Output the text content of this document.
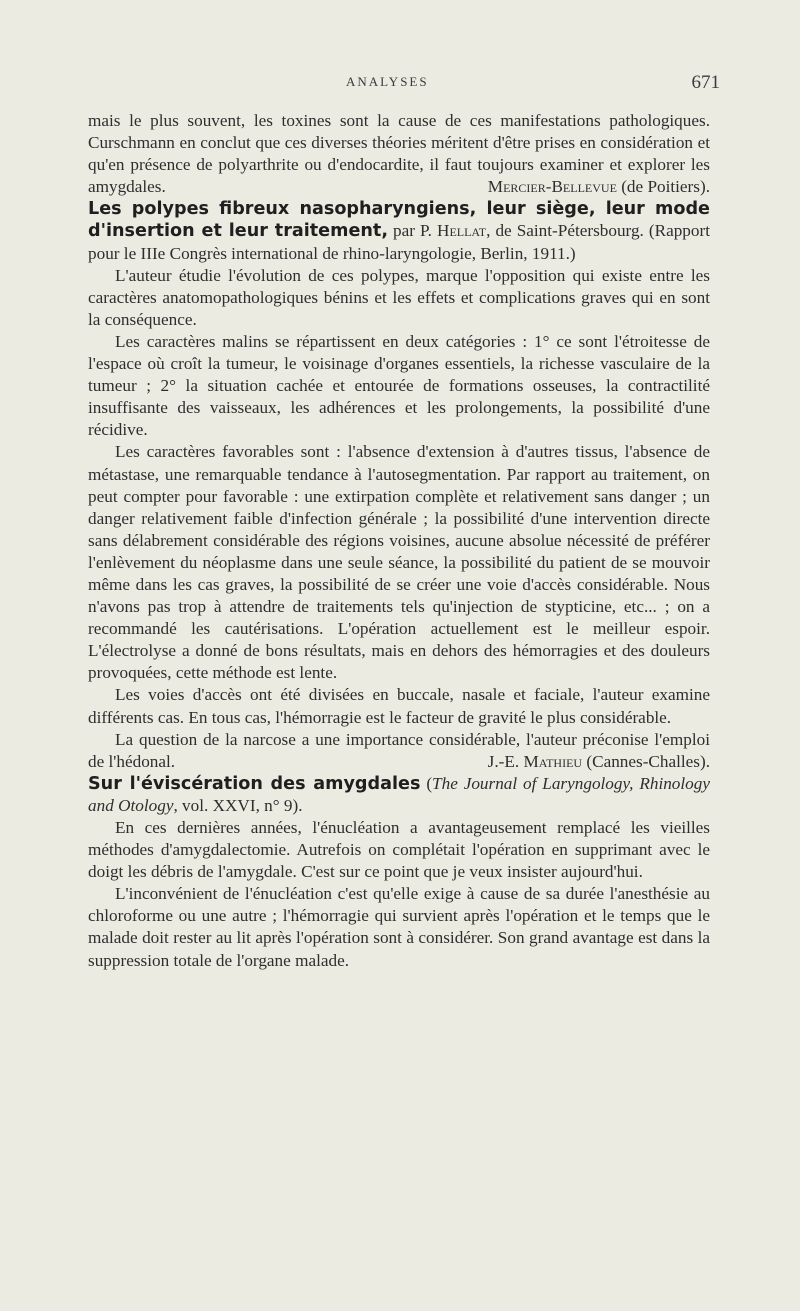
ANALYSES	671

mais le plus souvent, les toxines sont la cause de ces manifestations pathologiques. Curschmann en conclut que ces diverses théories méritent d'être prises en considération et qu'en présence de polyarthrite ou d'endocardite, il faut toujours examiner et explorer les amygdales.	Mercier-Bellevue (de Poitiers).

Les polypes fibreux nasopharyngiens, leur siège, leur mode d'insertion et leur traitement, par P. Hellat, de Saint-Pétersbourg. (Rapport pour le IIIe Congrès international de rhino-laryngologie, Berlin, 1911.)

L'auteur étudie l'évolution de ces polypes, marque l'opposition qui existe entre les caractères anatomopathologiques bénins et les effets et complications graves qui en sont la conséquence.

Les caractères malins se répartissent en deux catégories : 1° ce sont l'étroitesse de l'espace où croît la tumeur, le voisinage d'organes essentiels, la richesse vasculaire de la tumeur ; 2° la situation cachée et entourée de formations osseuses, la contractilité insuffisante des vaisseaux, les adhérences et les prolongements, la possibilité d'une récidive.

Les caractères favorables sont : l'absence d'extension à d'autres tissus, l'absence de métastase, une remarquable tendance à l'autosegmentation. Par rapport au traitement, on peut compter pour favorable : une extirpation complète et relativement sans danger ; un danger relativement faible d'infection générale ; la possibilité d'une intervention directe sans délabrement considérable des régions voisines, aucune absolue nécessité de préférer l'enlèvement du néoplasme dans une seule séance, la possibilité du patient de se mouvoir même dans les cas graves, la possibilité de se créer une voie d'accès considérable. Nous n'avons pas trop à attendre de traitements tels qu'injection de stypticine, etc... ; on a recommandé les cautérisations. L'opération actuellement est le meilleur espoir. L'électrolyse a donné de bons résultats, mais en dehors des hémorragies et des douleurs provoquées, cette méthode est lente.

Les voies d'accès ont été divisées en buccale, nasale et faciale, l'auteur examine différents cas. En tous cas, l'hémorragie est le facteur de gravité le plus considérable.

La question de la narcose a une importance considérable, l'auteur préconise l'emploi de l'hédonal.	J.-E. Mathieu (Cannes-Challes).

Sur l'éviscération des amygdales (The Journal of Laryngology, Rhinology and Otology, vol. XXVI, n° 9).

En ces dernières années, l'énucléation a avantageusement remplacé les vieilles méthodes d'amygdalectomie. Autrefois on complétait l'opération en supprimant avec le doigt les débris de l'amygdale. C'est sur ce point que je veux insister aujourd'hui.

L'inconvénient de l'énucléation c'est qu'elle exige à cause de sa durée l'anesthésie au chloroforme ou une autre ; l'hémorragie qui survient après l'opération et le temps que le malade doit rester au lit après l'opération sont à considérer. Son grand avantage est dans la suppression totale de l'organe malade.
